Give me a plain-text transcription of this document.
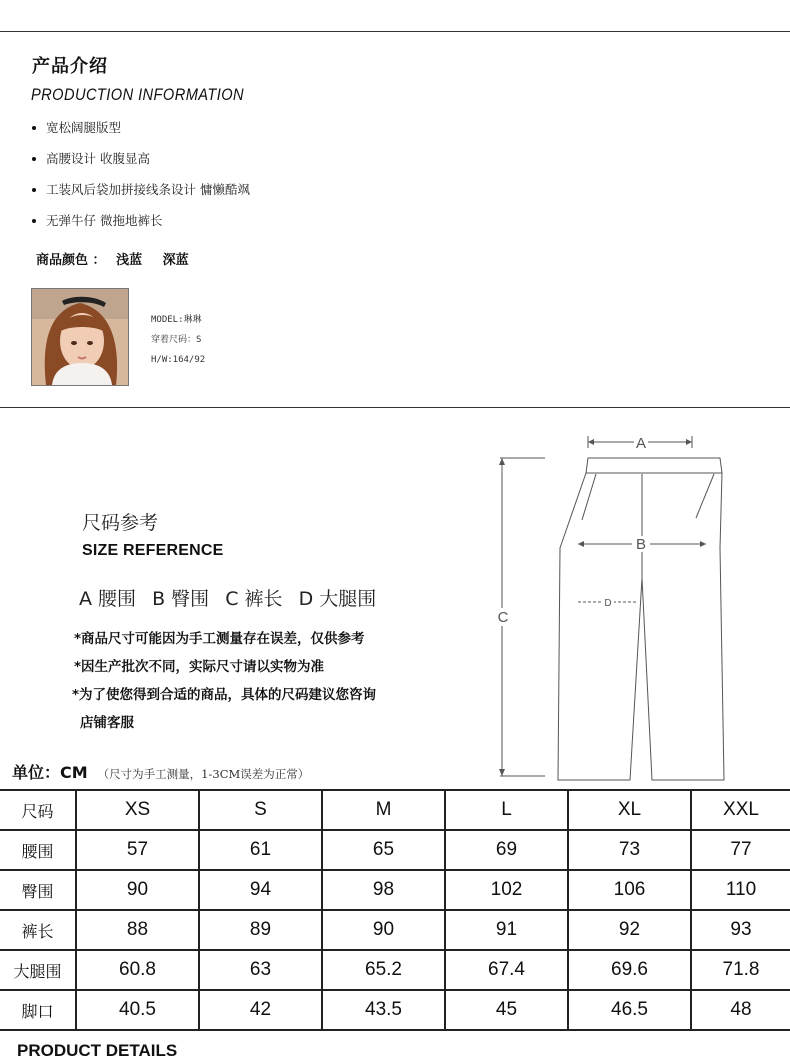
产品介绍
PRODUCTION INFORMATION
宽松阔腿版型
高腰设计 收腹显高
工装风后袋加拼接线条设计 慵懒酷飒
无弹牛仔 微拖地裤长
商品颜色 ： 浅蓝 深蓝
MODEL:琳琳
穿着尺码：S
H/W:164/92
尺码参考
SIZE REFERENCE
A 腰围 B 臀围 C 裤长 D 大腿围
*商品尺寸可能因为手工测量存在误差，仅供参考
*因生产批次不同，实际尺寸请以实物为准
*为了使您得到合适的商品，具体的尺码建议您咨询
店铺客服
A
B
C
D
单位：CM （尺寸为手工测量，1-3CM误差为正常）
尺码	XS	S	M	L	XL	XXL
腰围	57	61	65	69	73	77
臀围	90	94	98	102	106	110
裤长	88	89	90	91	92	93
大腿围	60.8	63	65.2	67.4	69.6	71.8
脚口	40.5	42	43.5	45	46.5	48
PRODUCT DETAILS
